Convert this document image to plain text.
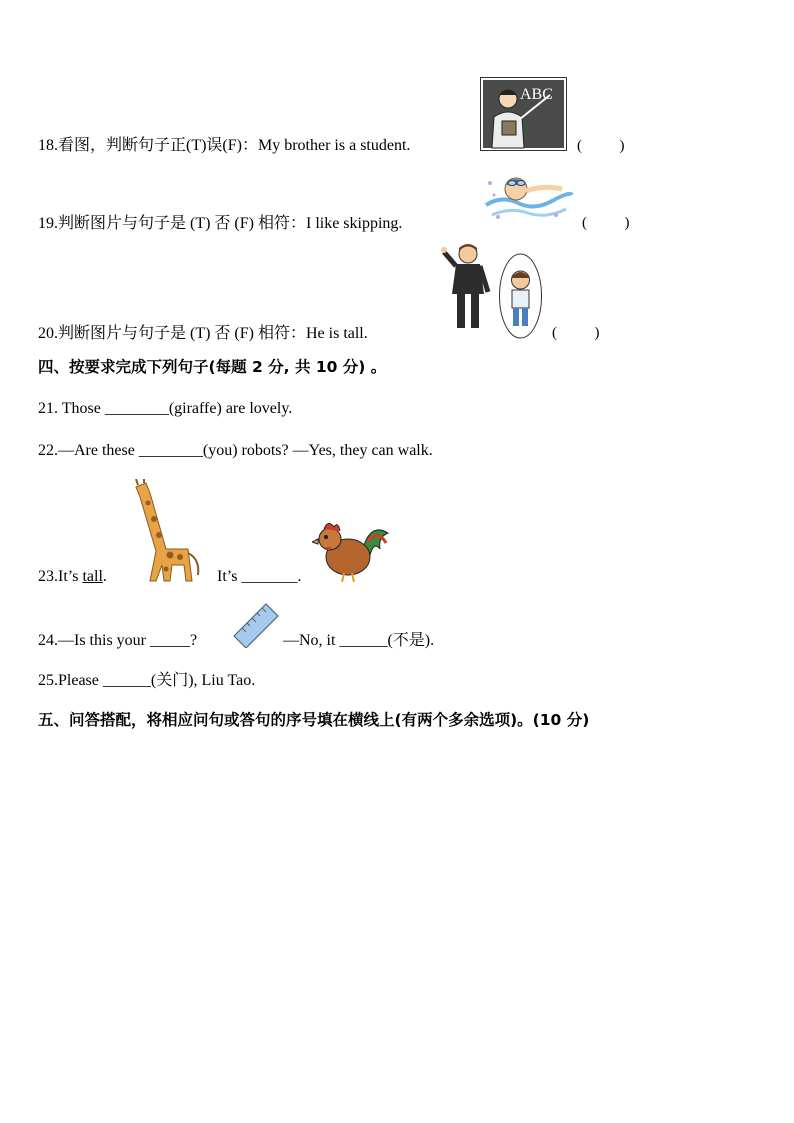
18.看图，判断句子正(T)误(F)：My brother is a student.
ABC
(          )
19.判断图片与句子是 (T) 否 (F) 相符：I like skipping.	(          )
20.判断图片与句子是 (T) 否 (F) 相符：He is tall.	(          )
四、按要求完成下列句子(每题 2 分, 共 10 分) 。
21. Those ________(giraffe) are lovely.
22.—Are these ________(you) robots? —Yes, they can walk.
23.It’s tall.	It’s _______.
24.—Is this your _____?	—No, it ______(不是).
25.Please ______(关门), Liu Tao.
五、问答搭配，将相应问句或答句的序号填在横线上(有两个多余选项)。(10 分)
